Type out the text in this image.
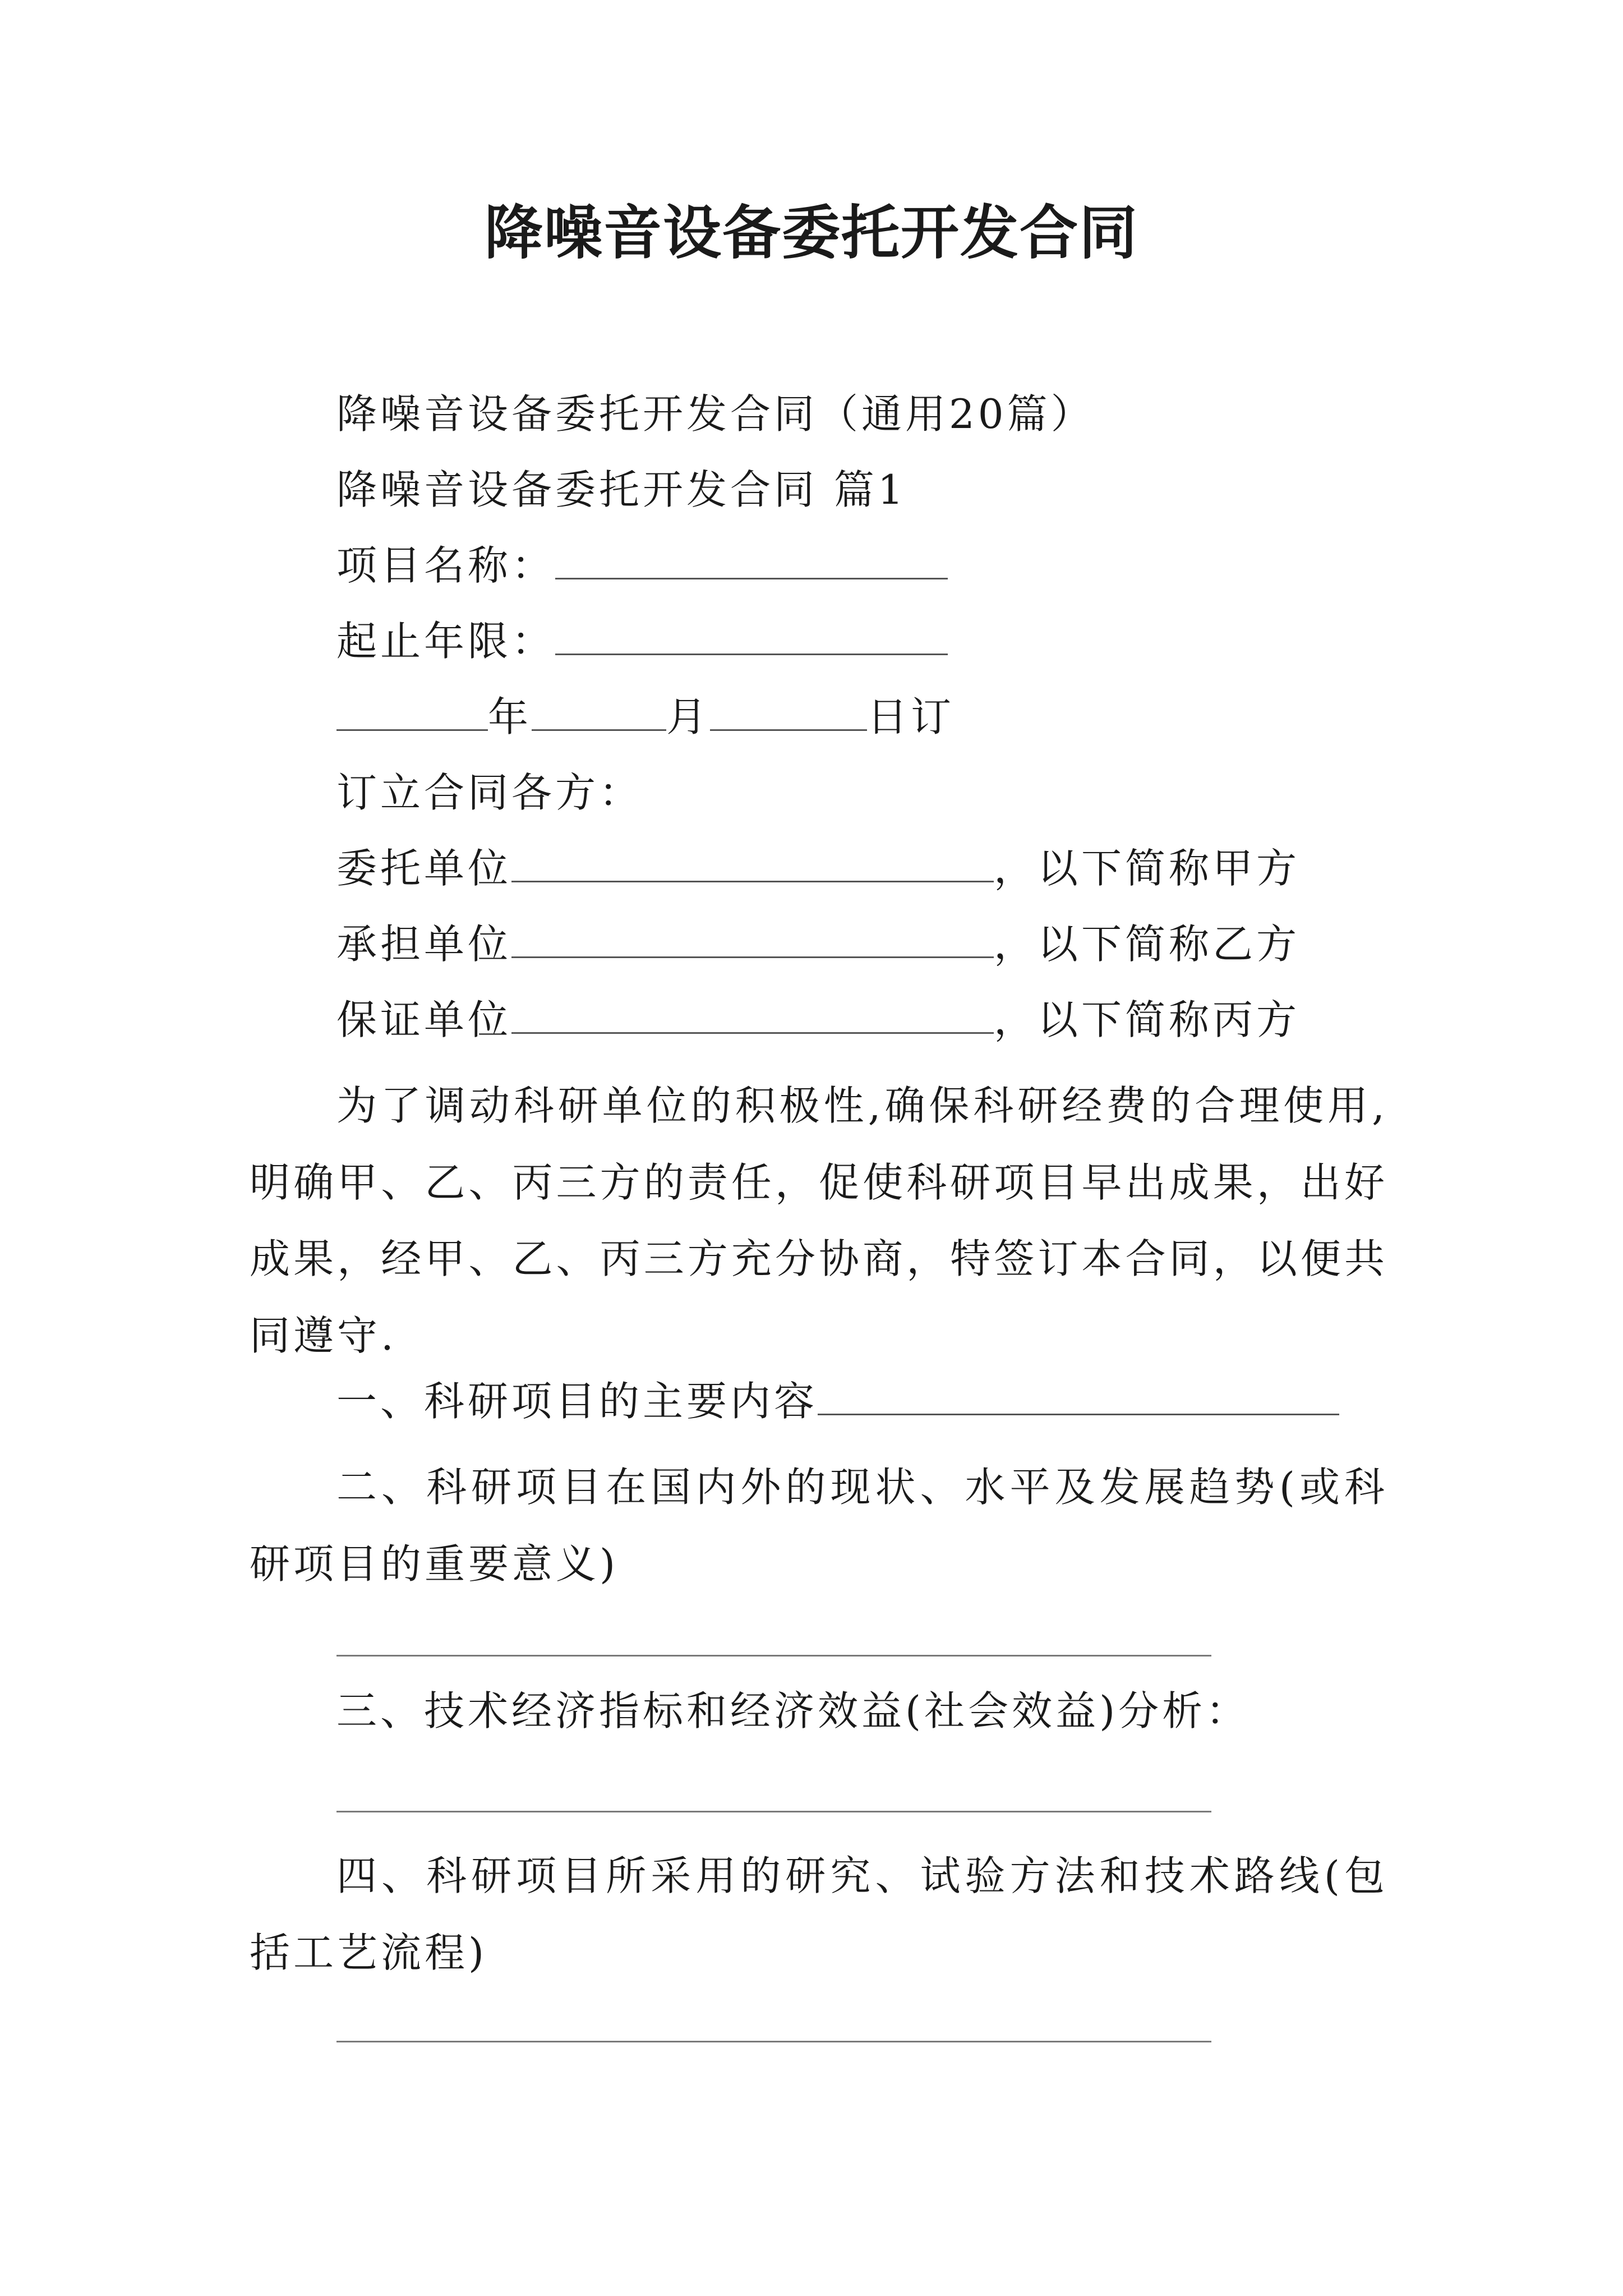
降噪音设备委托开发合同
降噪音设备委托开发合同（通用20篇）
降噪音设备委托开发合同 篇1
项目名称：
起止年限：
年	月	日订
订立合同各方：
委托单位	，以下简称甲方
承担单位	，以下简称乙方
保证单位	，以下简称丙方
为了调动科研单位的积极性,确保科研经费的合理使用,明确甲、乙、丙三方的责任，促使科研项目早出成果，出好成果，经甲、乙、丙三方充分协商，特签订本合同，以便共同遵守.
一、科研项目的主要内容
二、科研项目在国内外的现状、水平及发展趋势(或科研项目的重要意义)
三、技术经济指标和经济效益(社会效益)分析：
四、科研项目所采用的研究、试验方法和技术路线(包括工艺流程)
